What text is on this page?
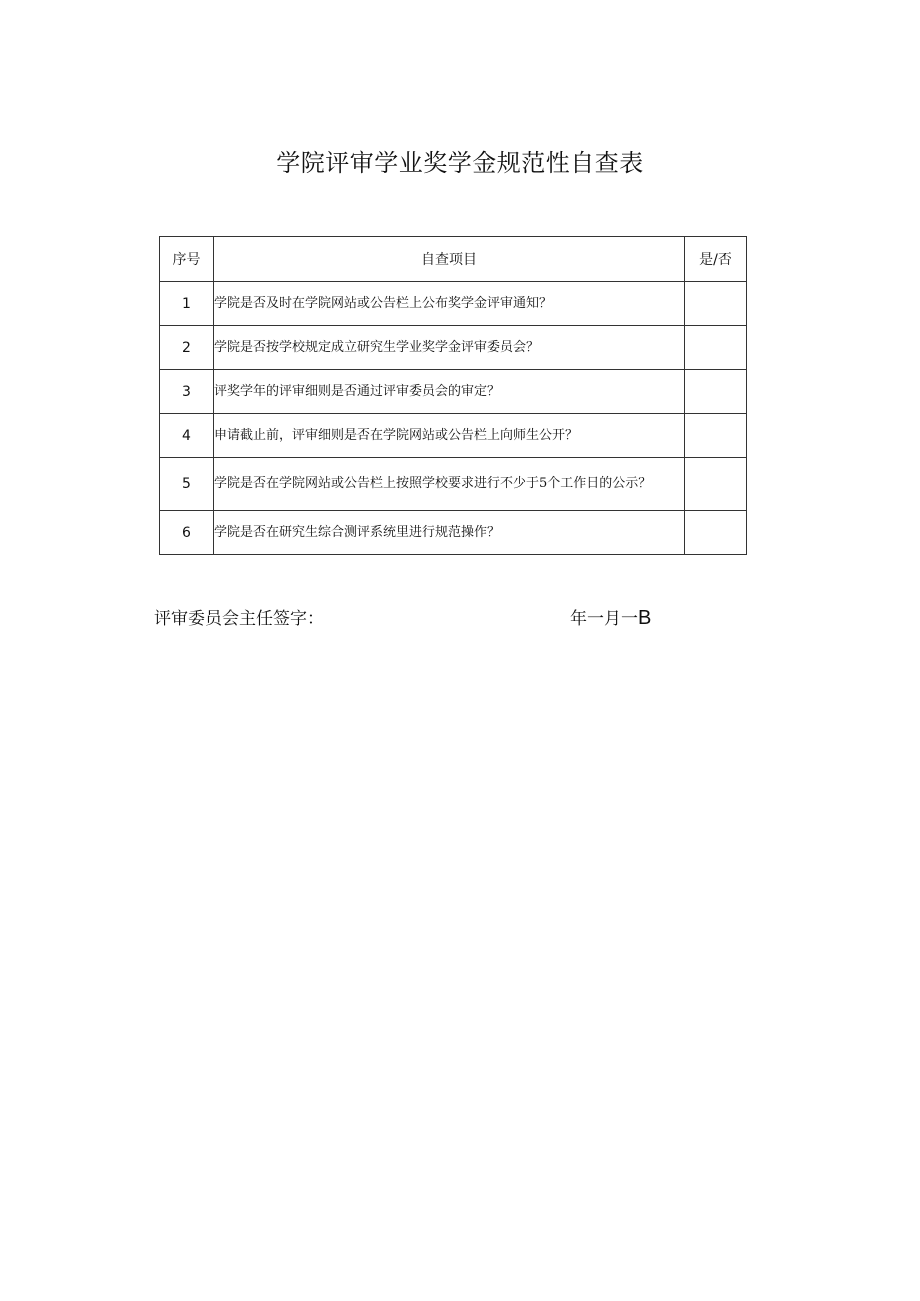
学院评审学业奖学金规范性自查表
序号	自查项目	是/否
1	学院是否及时在学院网站或公告栏上公布奖学金评审通知？	
2	学院是否按学校规定成立研究生学业奖学金评审委员会？	
3	评奖学年的评审细则是否通过评审委员会的审定？	
4	申请截止前，评审细则是否在学院网站或公告栏上向师生公开？	
5	学院是否在学院网站或公告栏上按照学校要求进行不少于5个工作日的公示？	
6	学院是否在研究生综合测评系统里进行规范操作？	
评审委员会主任签字：	年一月一B
